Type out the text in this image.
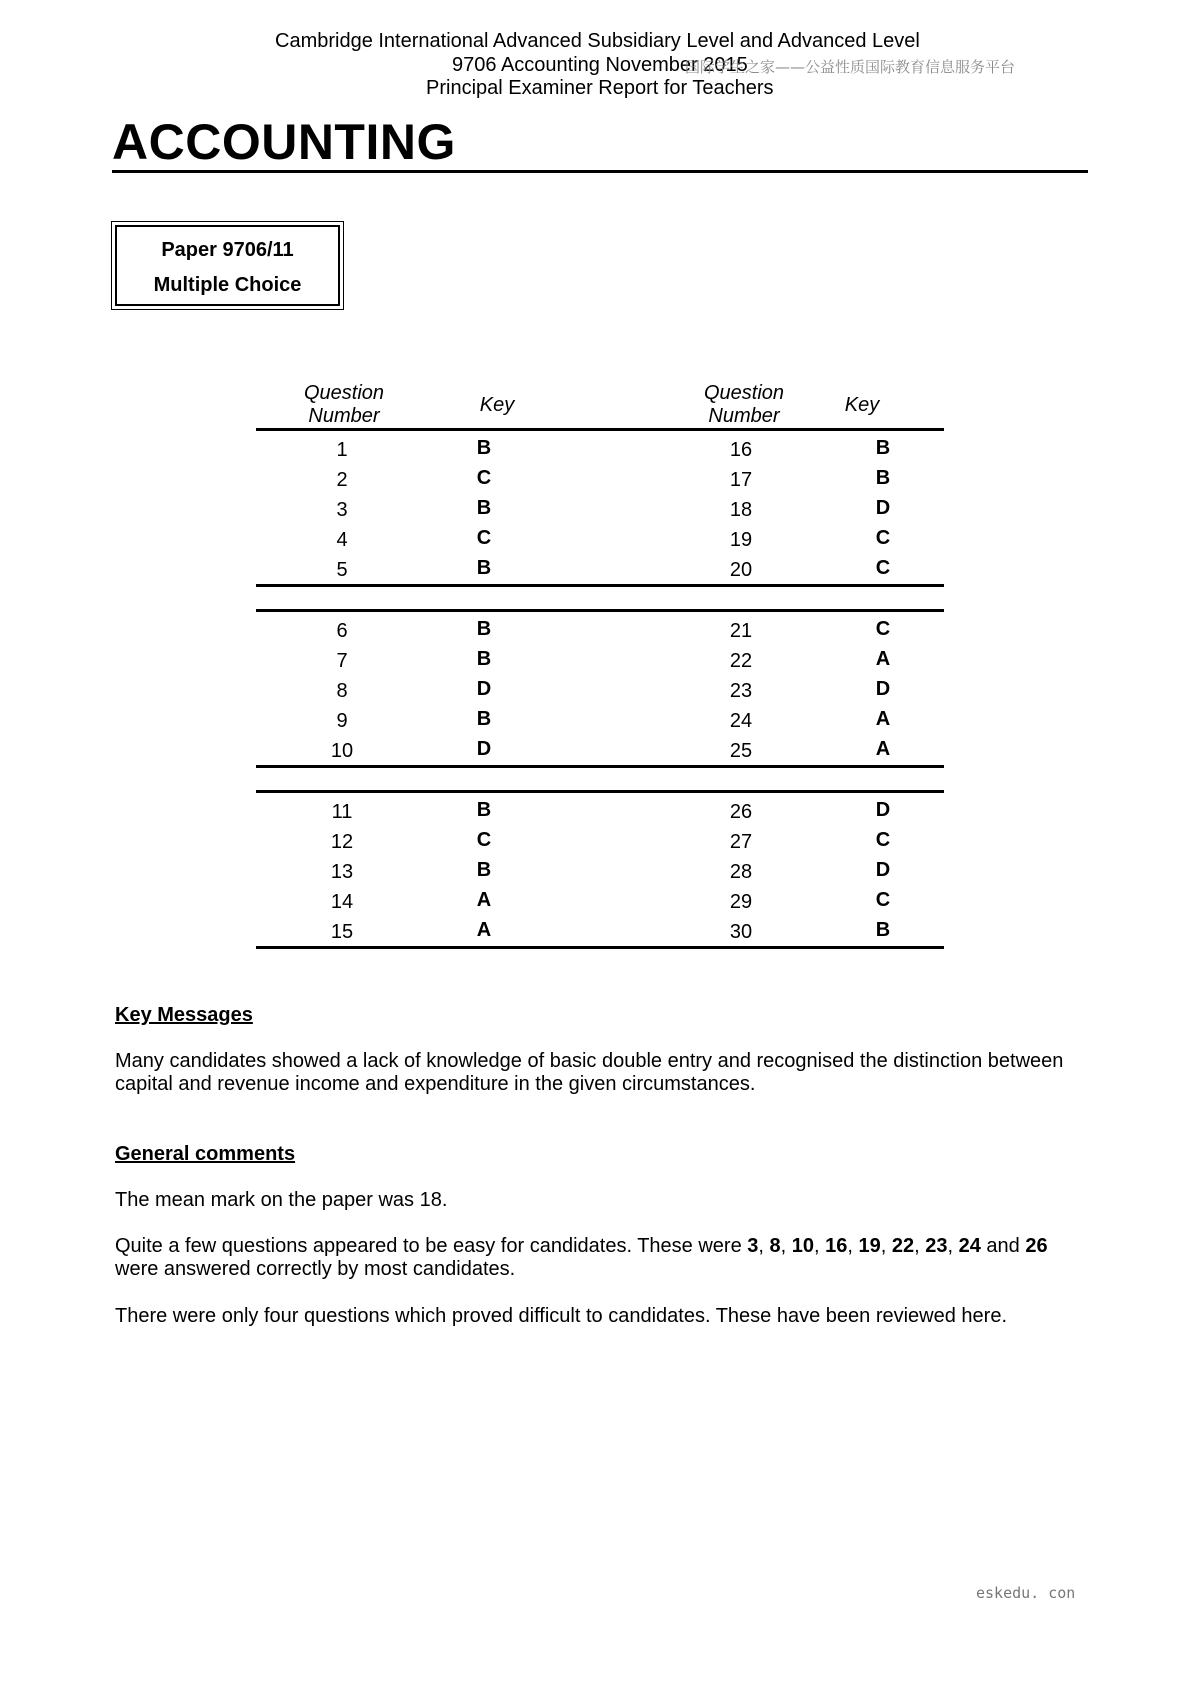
Cambridge International Advanced Subsidiary Level and Advanced Level
9706 Accounting November 2015
国际学生之家——公益性质国际教育信息服务平台
Principal Examiner Report for Teachers
ACCOUNTING
Paper 9706/11
Multiple Choice
Question
Number	Key
Question
Number	Key
1	B	16	B
2	C	17	B
3	B	18	D
4	C	19	C
5	B	20	C
6	B	21	C
7	B	22	A
8	D	23	D
9	B	24	A
10	D	25	A
11	B	26	D
12	C	27	C
13	B	28	D
14	A	29	C
15	A	30	B
Key Messages
Many candidates showed a lack of knowledge of basic double entry and recognised the distinction between capital and revenue income and expenditure in the given circumstances.
General comments
The mean mark on the paper was 18.
Quite a few questions appeared to be easy for candidates. These were 3, 8, 10, 16, 19, 22, 23, 24 and 26 were answered correctly by most candidates.
There were only four questions which proved difficult to candidates. These have been reviewed here.
eskedu. con
